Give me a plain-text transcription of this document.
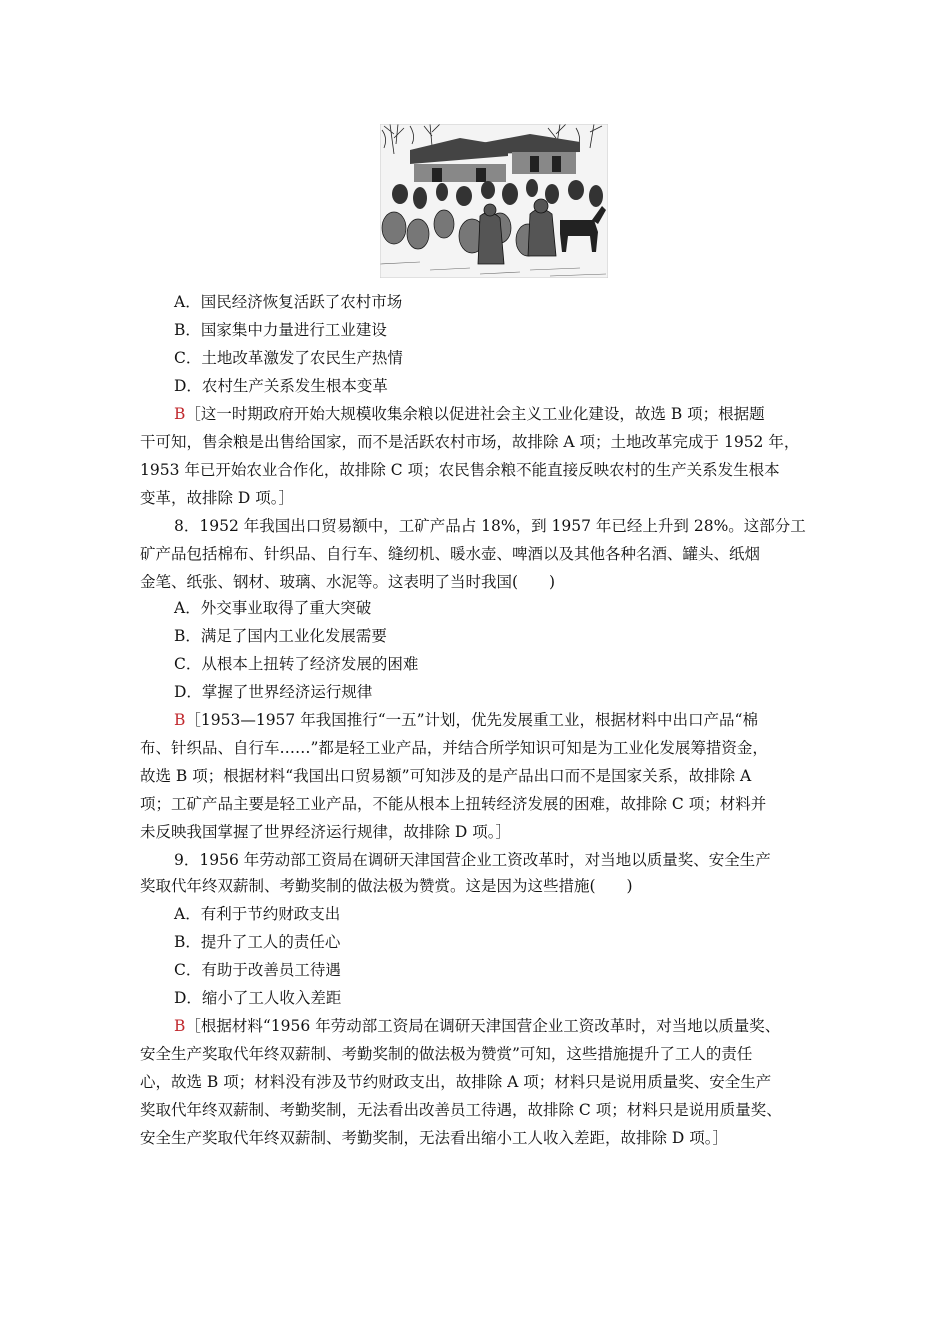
A．国民经济恢复活跃了农村市场
B．国家集中力量进行工业建设
C．土地改革激发了农民生产热情
D．农村生产关系发生根本变革
B［这一时期政府开始大规模收集余粮以促进社会主义工业化建设，故选 B 项；根据题
干可知，售余粮是出售给国家，而不是活跃农村市场，故排除 A 项；土地改革完成于 1952 年，
1953 年已开始农业合作化，故排除 C 项；农民售余粮不能直接反映农村的生产关系发生根本
变革，故排除 D 项。］
8．1952 年我国出口贸易额中，工矿产品占 18%，到 1957 年已经上升到 28%。这部分工
矿产品包括棉布、针织品、自行车、缝纫机、暖水壶、啤酒以及其他各种名酒、罐头、纸烟
金笔、纸张、钢材、玻璃、水泥等。这表明了当时我国(　　)
A．外交事业取得了重大突破
B．满足了国内工业化发展需要
C．从根本上扭转了经济发展的困难
D．掌握了世界经济运行规律
B［1953—1957 年我国推行“一五”计划，优先发展重工业，根据材料中出口产品“棉
布、针织品、自行车……”都是轻工业产品，并结合所学知识可知是为工业化发展筹措资金，
故选 B 项；根据材料“我国出口贸易额”可知涉及的是产品出口而不是国家关系，故排除 A
项；工矿产品主要是轻工业产品，不能从根本上扭转经济发展的困难，故排除 C 项；材料并
未反映我国掌握了世界经济运行规律，故排除 D 项。］
9．1956 年劳动部工资局在调研天津国营企业工资改革时，对当地以质量奖、安全生产
奖取代年终双薪制、考勤奖制的做法极为赞赏。这是因为这些措施(　　)
A．有利于节约财政支出
B．提升了工人的责任心
C．有助于改善员工待遇
D．缩小了工人收入差距
B［根据材料“1956 年劳动部工资局在调研天津国营企业工资改革时，对当地以质量奖、
安全生产奖取代年终双薪制、考勤奖制的做法极为赞赏”可知，这些措施提升了工人的责任
心，故选 B 项；材料没有涉及节约财政支出，故排除 A 项；材料只是说用质量奖、安全生产
奖取代年终双薪制、考勤奖制，无法看出改善员工待遇，故排除 C 项；材料只是说用质量奖、
安全生产奖取代年终双薪制、考勤奖制，无法看出缩小工人收入差距，故排除 D 项。］
